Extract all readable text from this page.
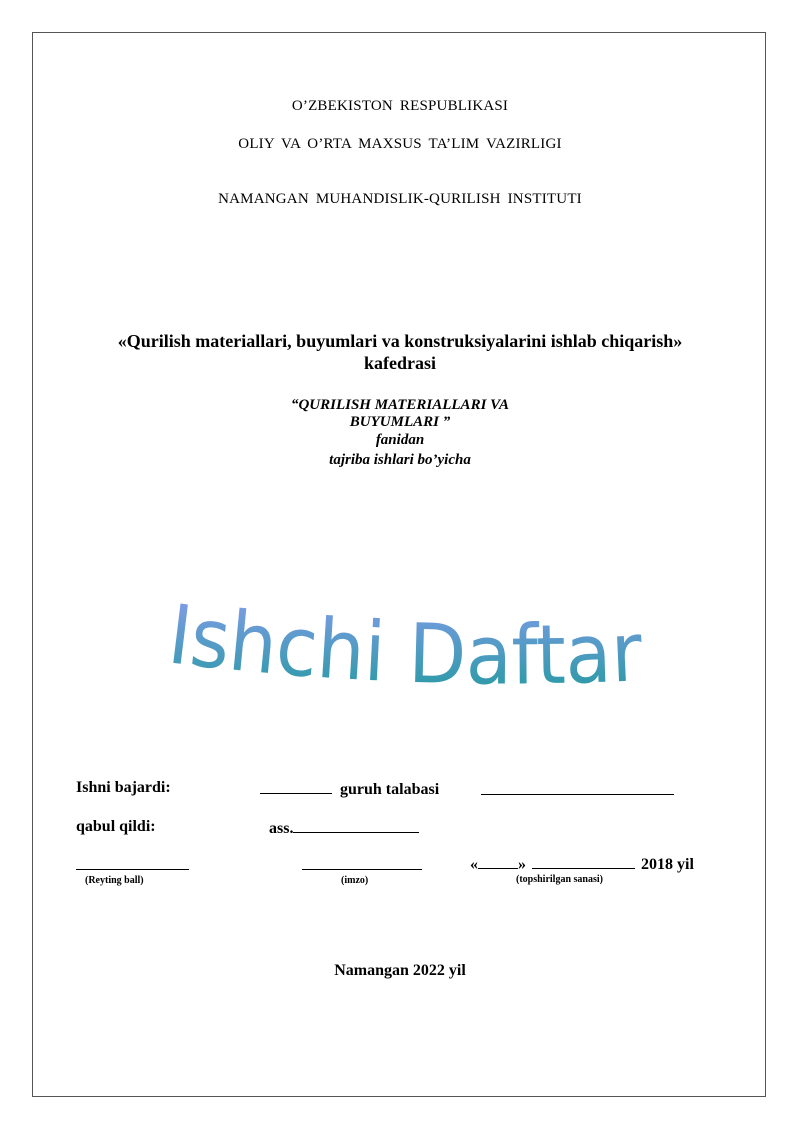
O’ZBEKISTON RESPUBLIKASI
OLIY VA O’RTA MAXSUS TA’LIM VAZIRLIGI
NAMANGAN MUHANDISLIK-QURILISH INSTITUTI
«Qurilish materiallari, buyumlari va konstruksiyalarini ishlab chiqarish»
kafedrasi
“QURILISH MATERIALLARI VA
BUYUMLARI ”
fanidan
tajriba ishlari bo’yicha
Ishchi Daftar
Ishni bajardi:	guruh talabasi
qabul qildi:	ass.
«	»	2018 yil
(Reyting ball)	(imzo)	(topshirilgan sanasi)
Namangan 2022 yil
